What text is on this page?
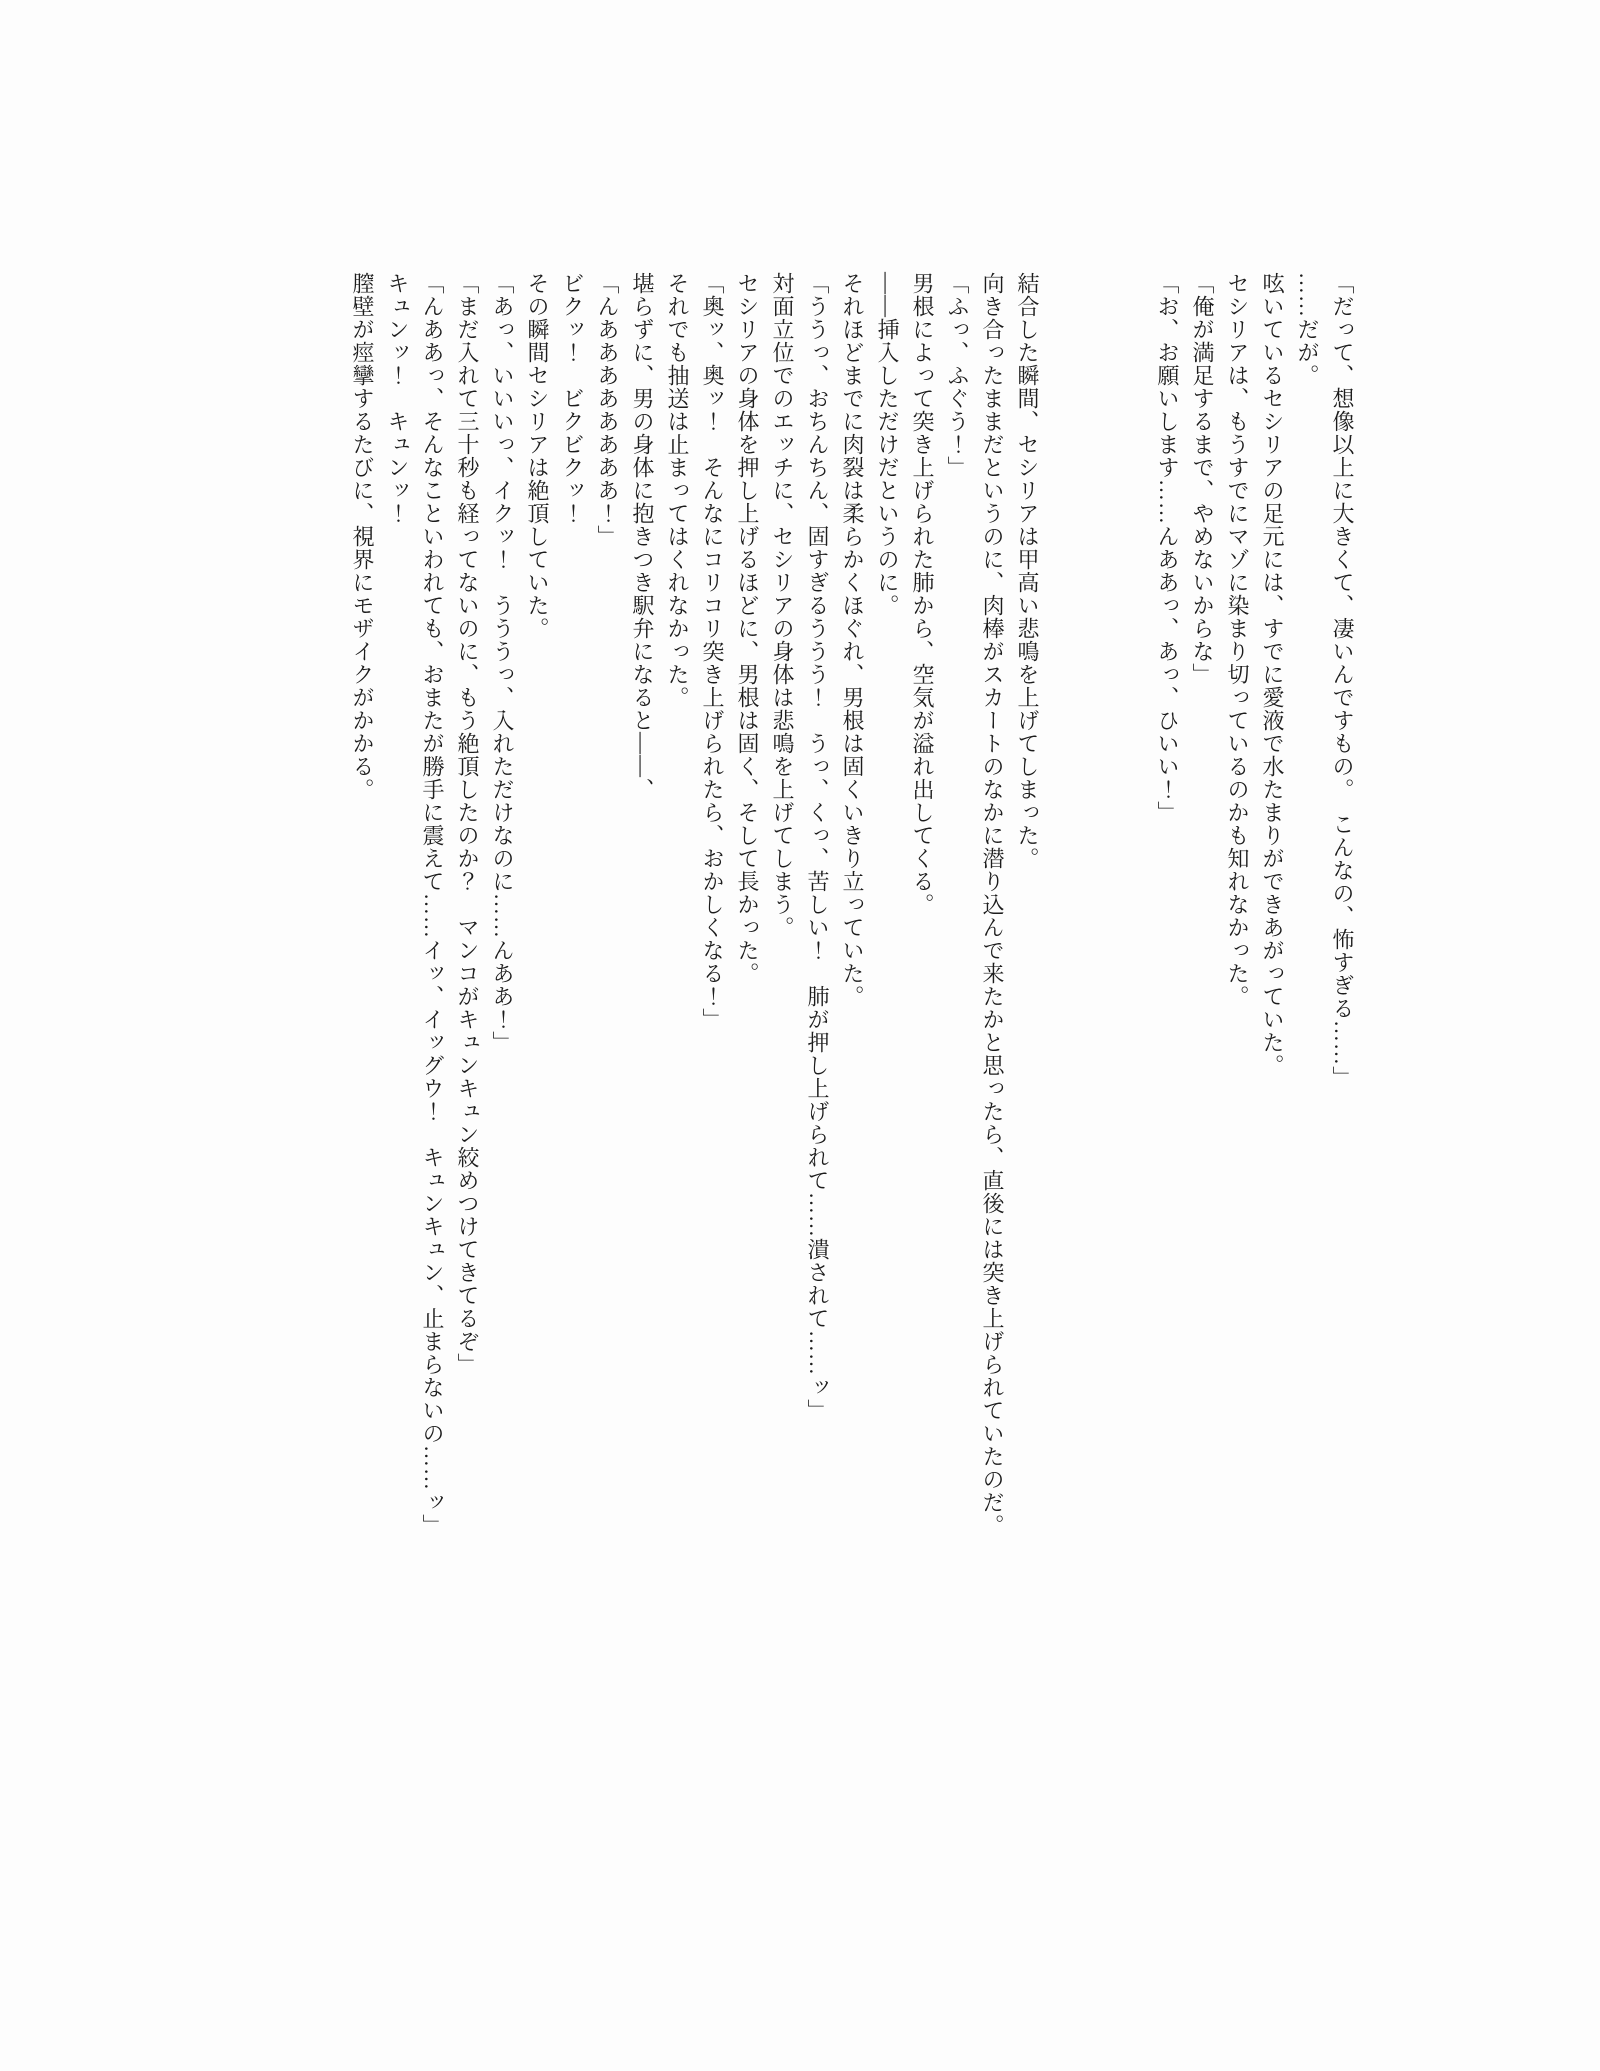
「だって、想像以上に大きくて、凄いんですもの。　こんなの、怖すぎる……」

……だが。

呟いているセシリアの足元には、すでに愛液で水たまりができあがっていた。

セシリアは、もうすでにマゾに染まり切っているのかも知れなかった。

「俺が満足するまで、やめないからな」

「お、お願いします……んああっ、あっ、ひいい！」

結合した瞬間、セシリアは甲高い悲鳴を上げてしまった。

向き合ったままだというのに、肉棒がスカートのなかに潜り込んで来たかと思ったら、直後には突き上げられていたのだ。

「ふっ、ふぐう！」

男根によって突き上げられた肺から、空気が溢れ出してくる。

――挿入しただけだというのに。

それほどまでに肉裂は柔らかくほぐれ、男根は固くいきり立っていた。

「ううっ、おちんちん、固すぎるううう！　うっ、くっ、苦しい！　肺が押し上げられて……潰されて……ッ」

対面立位でのエッチに、セシリアの身体は悲鳴を上げてしまう。

セシリアの身体を押し上げるほどに、男根は固く、そして長かった。

「奥ッ、奥ッ！　そんなにコリコリ突き上げられたら、おかしくなる！」

それでも抽送は止まってはくれなかった。

堪らずに、男の身体に抱きつき駅弁になると――、

「んああああああああ！」

ビクッ！　ビクビクッ！

その瞬間セシリアは絶頂していた。

「あっ、いいいっ、イクッ！　うううっ、入れただけなのに……んああ！」

「まだ入れて三十秒も経ってないのに、もう絶頂したのか？　マンコがキュンキュン絞めつけてきてるぞ」

「んああっ、そんなこといわれても、おまたが勝手に震えて……イッ、イッグウ！　キュンキュン、止まらないの……ッ」

キュンッ！　キュンッ！

膣壁が痙攣するたびに、視界にモザイクがかかる。
